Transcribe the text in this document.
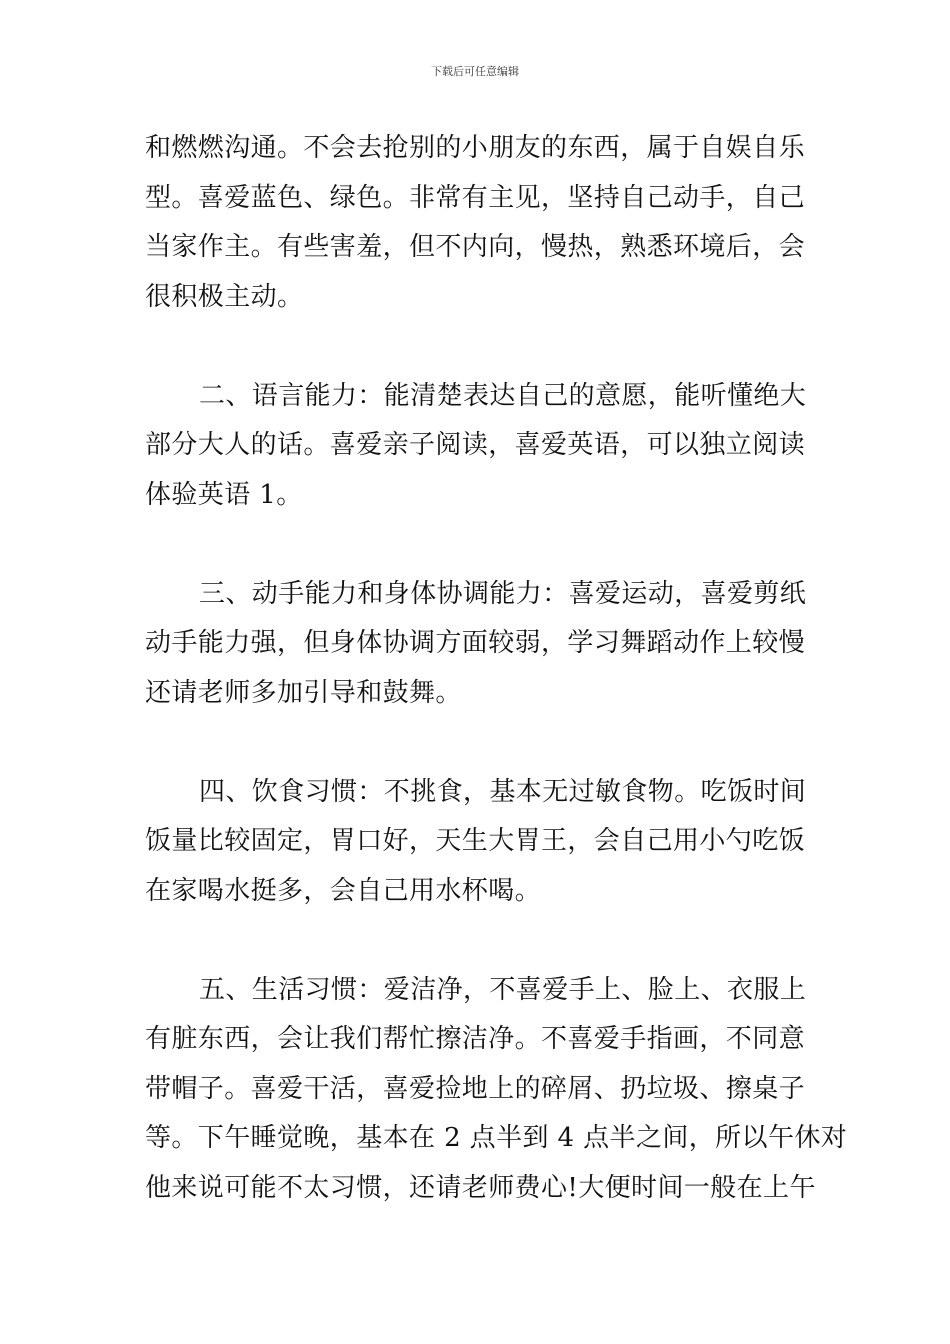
下载后可任意编辑
和燃燃沟通。不会去抢别的小朋友的东西，属于自娱自乐
型。喜爱蓝色、绿色。非常有主见，坚持自己动手，自己
当家作主。有些害羞，但不内向，慢热，熟悉环境后，会
很积极主动。
二、语言能力：能清楚表达自己的意愿，能听懂绝大
部分大人的话。喜爱亲子阅读，喜爱英语，可以独立阅读
体验英语 1。
三、动手能力和身体协调能力：喜爱运动，喜爱剪纸
动手能力强，但身体协调方面较弱，学习舞蹈动作上较慢
还请老师多加引导和鼓舞。
四、饮食习惯：不挑食，基本无过敏食物。吃饭时间
饭量比较固定，胃口好，天生大胃王，会自己用小勺吃饭
在家喝水挺多，会自己用水杯喝。
五、生活习惯：爱洁净，不喜爱手上、脸上、衣服上
有脏东西，会让我们帮忙擦洁净。不喜爱手指画，不同意
带帽子。喜爱干活，喜爱捡地上的碎屑、扔垃圾、擦桌子
等。下午睡觉晚，基本在 2 点半到 4 点半之间，所以午休对
他来说可能不太习惯，还请老师费心!大便时间一般在上午
